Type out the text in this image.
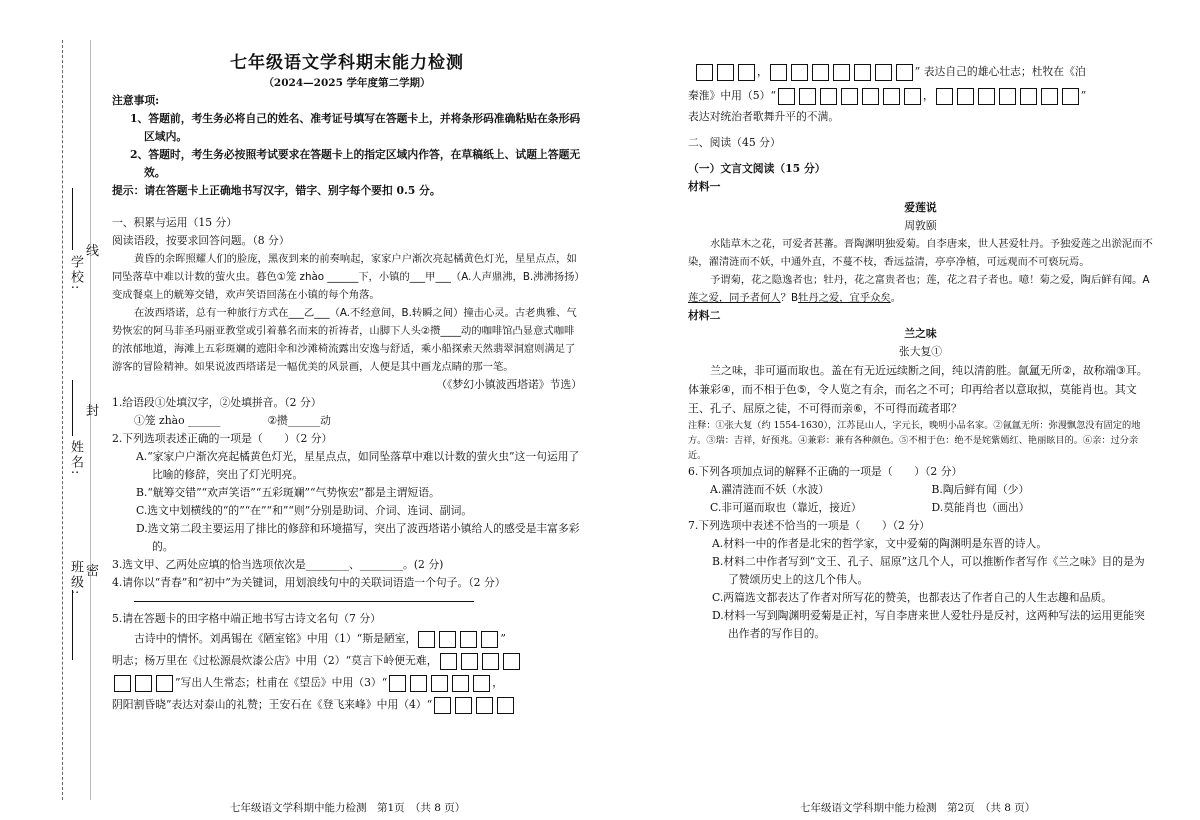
学校:
姓名:
班级:
线
封
密
七年级语文学科期末能力检测
（2024—2025 学年度第二学期）
注意事项:
1、答题前，考生务必将自己的姓名、准考证号填写在答题卡上，并将条形码准确粘贴在条形码区域内。
2、答题时，考生务必按照考试要求在答题卡上的指定区域内作答，在草稿纸上、试题上答题无效。
提示：请在答题卡上正确地书写汉字，错字、别字每个要扣 0.5 分。
一、积累与运用（15 分）
阅读语段，按要求回答问题。（8 分）
黄昏的余晖照耀人们的脸庞，黑夜到来的前奏响起，家家户户渐次亮起橘黄色灯光，星星点点，如同坠落草中难以计数的萤火虫。暮色①笼 zhào ______下，小镇的___甲___（A.人声鼎沸，B.沸沸扬扬）变成餐桌上的觥筹交错，欢声笑语回荡在小镇的每个角落。
在波西塔诺，总有一种旅行方式在___乙___（A.不经意间，B.转瞬之间）撞击心灵。古老典雅、气势恢宏的阿马菲圣玛丽亚教堂或引着慕名而来的祈祷者，山脚下人头②攒____动的咖啡馆凸显意式咖啡的浓郁地道，海滩上五彩斑斓的遮阳伞和沙滩椅流露出安逸与舒适，乘小船探索天然翡翠洞窟则满足了游客的冒险精神。如果说波西塔诺是一幅优美的风景画，人便是其中画龙点睛的那一笔。
（《梦幻小镇波西塔诺》节选）
1.给语段①处填汉字，②处填拼音。（2 分）
①笼 zhào ______	②攒______动
2.下列选项表述正确的一项是（　　）（2 分）
A.“家家户户渐次亮起橘黄色灯光，星星点点，如同坠落草中难以计数的萤火虫”这一句运用了比喻的修辞，突出了灯光明亮。
B.“觥筹交错”“欢声笑语”“五彩斑斓”“气势恢宏”都是主谓短语。
C.选文中划横线的“的”“在”“和”“则”分别是助词、介词、连词、副词。
D.选文第二段主要运用了排比的修辞和环境描写，突出了波西塔诺小镇给人的感受是丰富多彩的。
3.选文甲、乙两处应填的恰当选项依次是________、________。(2 分)
4.请你以“青春”和“初中”为关键词，用划浪线句中的关联词语造一个句子。（2 分）
5.请在答题卡的田字格中端正地书写古诗文名句（7 分）
古诗中的情怀。刘禹锡在《陋室铭》中用（1）“斯是陋室，	”
明志；杨万里在《过松源晨炊漆公店》中用（2）“莫言下岭便无难，
”写出人生常态；杜甫在《望岳》中用（3）“	，
阴阳割昏晓”表达对泰山的礼赞；王安石在《登飞来峰》中用（4）“
七年级语文学科期中能力检测　第1页　（共 8 页）
，	” 表达自己的雄心壮志；杜牧在《泊
秦淮》中用（5）“	，	”
表达对统治者歌舞升平的不满。
二、阅读（45 分）
（一）文言文阅读（15 分）
材料一
爱莲说
周敦颐
水陆草木之花，可爱者甚蕃。晋陶渊明独爱菊。自李唐来，世人甚爱牡丹。予独爱莲之出淤泥而不染，濯清涟而不妖，中通外直，不蔓不枝，香远益清，亭亭净植，可远观而不可亵玩焉。
予谓菊，花之隐逸者也；牡丹，花之富贵者也；莲，花之君子者也。噫！菊之爱，陶后鲜有闻。A莲之爱，同予者何人？B牡丹之爱，宜乎众矣。
材料二
兰之味
张大复①
兰之味，非可逼而取也。盖在有无近远续断之间，纯以清韵胜。氤氲无所②，故称端③耳。体兼彩④，而不相于色⑤，令人览之有余，而名之不可；印再给者以意取拟，莫能肖也。其文王、孔子、屈原之徒，不可得而亲⑥，不可得而疏者耶？
注释：①张大复（约 1554-1630），江苏昆山人，字元长，晚明小品名家。②氤氲无所：弥漫飘忽没有固定的地方。③瑞：吉祥，好预兆。④兼彩：兼有各种颜色。⑤不相于色：绝不是姹紫嫣红、艳丽眩目的。⑥亲：过分亲近。
6.下列各项加点词的解释不正确的一项是（　　）（2 分）
A.濯清涟而不妖（水波）	B.陶后鲜有闻（少）
C.非可逼而取也（靠近，接近）	D.莫能肖也（画出）
7.下列选项中表述不恰当的一项是（　　）（2 分）
A.材料一中的作者是北宋的哲学家，文中爱菊的陶渊明是东晋的诗人。
B.材料二中作者写到“文王、孔子、屈原”这几个人，可以推断作者写作《兰之味》目的是为了赞颂历史上的这几个伟人。
C.两篇选文都表达了作者对所写花的赞美，也都表达了作者自己的人生志趣和品质。
D.材料一写到陶渊明爱菊是正衬，写自李唐来世人爱牡丹是反衬，这两种写法的运用更能突出作者的写作目的。
七年级语文学科期中能力检测　第2页　（共 8 页）
